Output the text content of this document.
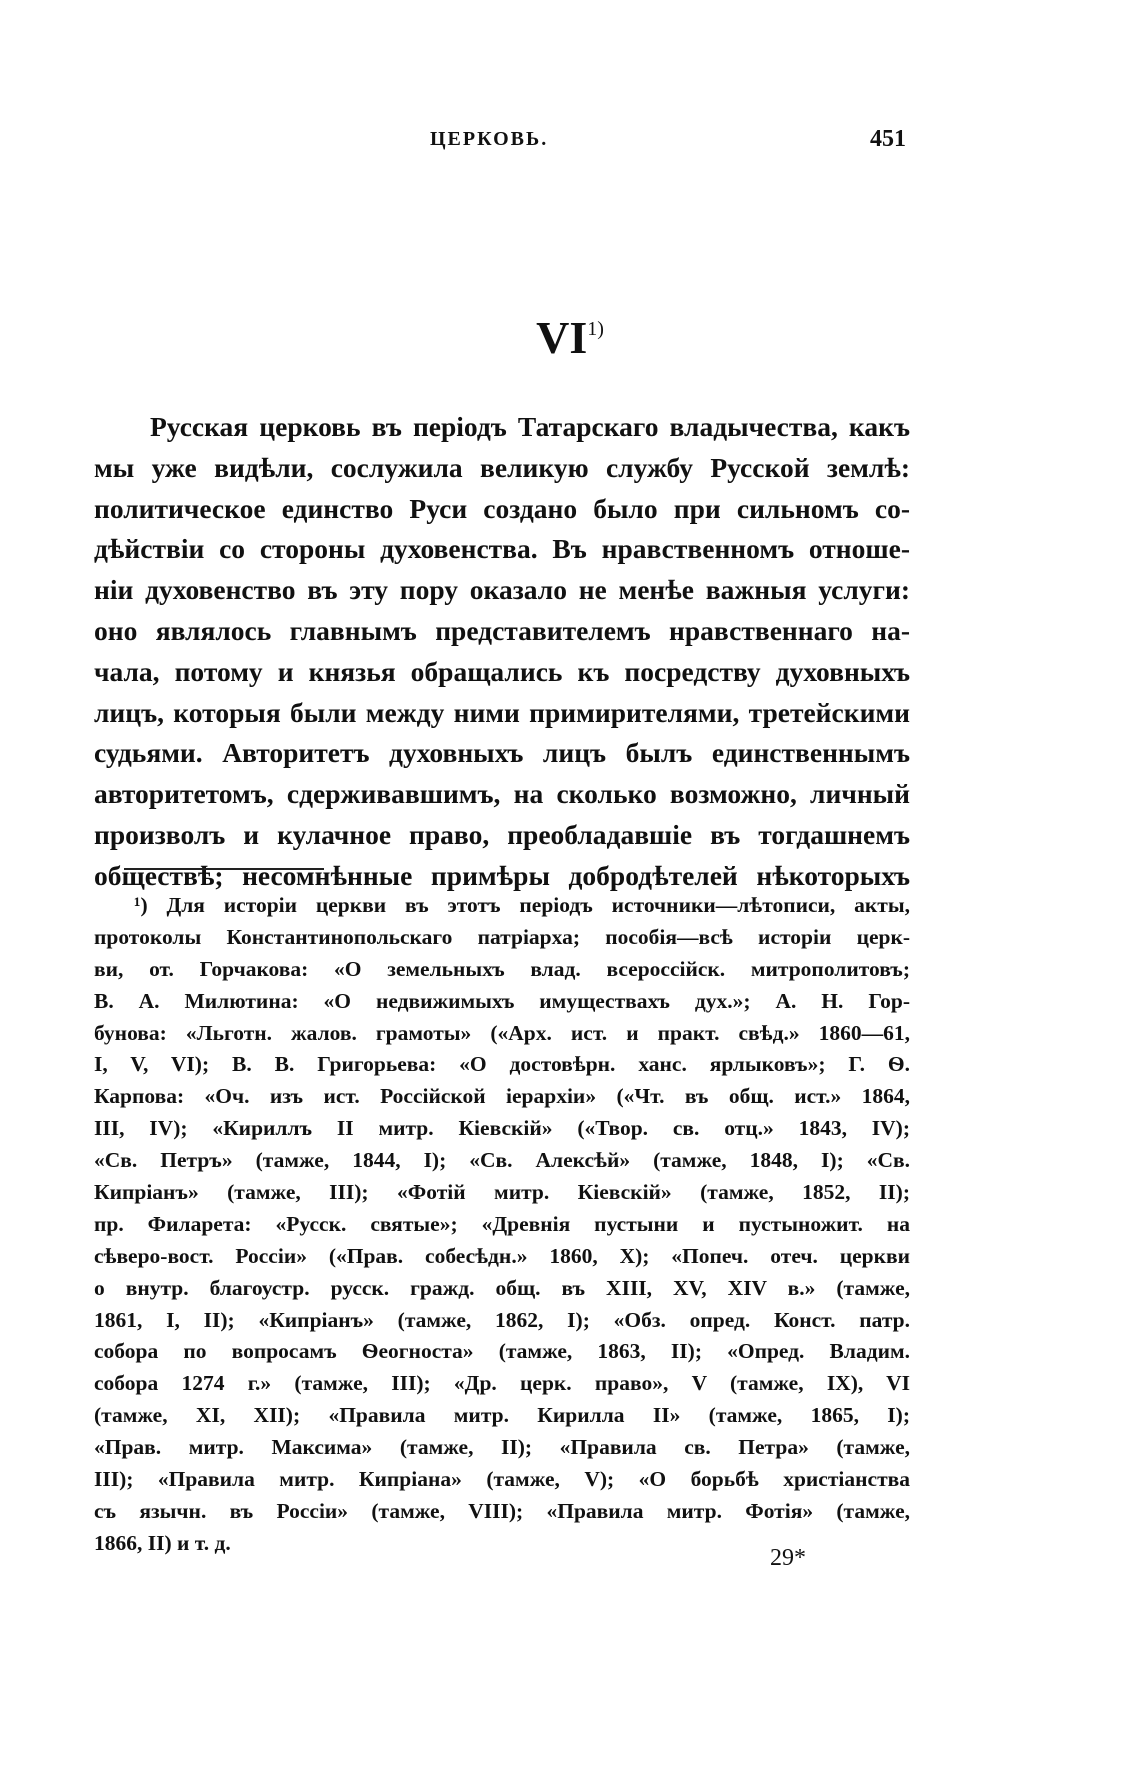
ЦЕРКОВЬ.	451
VI$^{1)}$
Русская церковь въ періодъ Татарскаго владычества, какъ
мы уже видѣли, сослужила великую службу Русской землѣ:
политическое единство Руси создано было при сильномъ со-
дѣйствіи со стороны духовенства. Въ нравственномъ отноше-
ніи духовенство въ эту пору оказало не менѣе важныя услуги:
оно являлось главнымъ представителемъ нравственнаго на-
чала, потому и князья обращались къ посредству духовныхъ
лицъ, которыя были между ними примирителями, третейскими
судьями. Авторитетъ духовныхъ лицъ былъ единственнымъ
авторитетомъ, сдерживавшимъ, на сколько возможно, личный
произволъ и кулачное право, преобладавшіе въ тогдашнемъ
обществѣ; несомнѣнные примѣры добродѣтелей нѣкоторыхъ
¹) Для исторіи церкви въ этотъ періодъ источники—лѣтописи, акты,
протоколы Константинопольскаго патріарха; пособія—всѣ исторіи церк-
ви, от. Горчакова: «О земельныхъ влад. всероссійск. митрополитовъ;
В. А. Милютина: «О недвижимыхъ имуществахъ дух.»; А. Н. Гор-
бунова: «Льготн. жалов. грамоты» («Арх. ист. и практ. свѣд.» 1860—61,
I, V, VI); В. В. Григорьева: «О достовѣрн. ханс. ярлыковъ»; Г. Ѳ.
Карпова: «Оч. изъ ист. Россійской іерархіи» («Чт. въ общ. ист.» 1864,
III, IV); «Кириллъ II митр. Кіевскій» («Твор. св. отц.» 1843, IV);
«Св. Петръ» (тамже, 1844, I); «Св. Алексѣй» (тамже, 1848, I); «Св.
Кипріанъ» (тамже, III); «Фотій митр. Кіевскій» (тамже, 1852, II);
пр. Филарета: «Русск. святые»; «Древнія пустыни и пустыножит. на
сѣверо-вост. Россіи» («Прав. собесѣдн.» 1860, X); «Попеч. отеч. церкви
о внутр. благоустр. русск. гражд. общ. въ XIII, XV, XIV в.» (тамже,
1861, I, II); «Кипріанъ» (тамже, 1862, I); «Обз. опред. Конст. патр.
собора по вопросамъ Ѳеогноста» (тамже, 1863, II); «Опред. Владим.
собора 1274 г.» (тамже, III); «Др. церк. право», V (тамже, IX), VI
(тамже, XI, XII); «Правила митр. Кирилла II» (тамже, 1865, I);
«Прав. митр. Максима» (тамже, II); «Правила св. Петра» (тамже,
III); «Правила митр. Кипріана» (тамже, V); «О борьбѣ христіанства
съ язычн. въ Россіи» (тамже, VIII); «Правила митр. Фотія» (тамже,
1866, II) и т. д.
29*
